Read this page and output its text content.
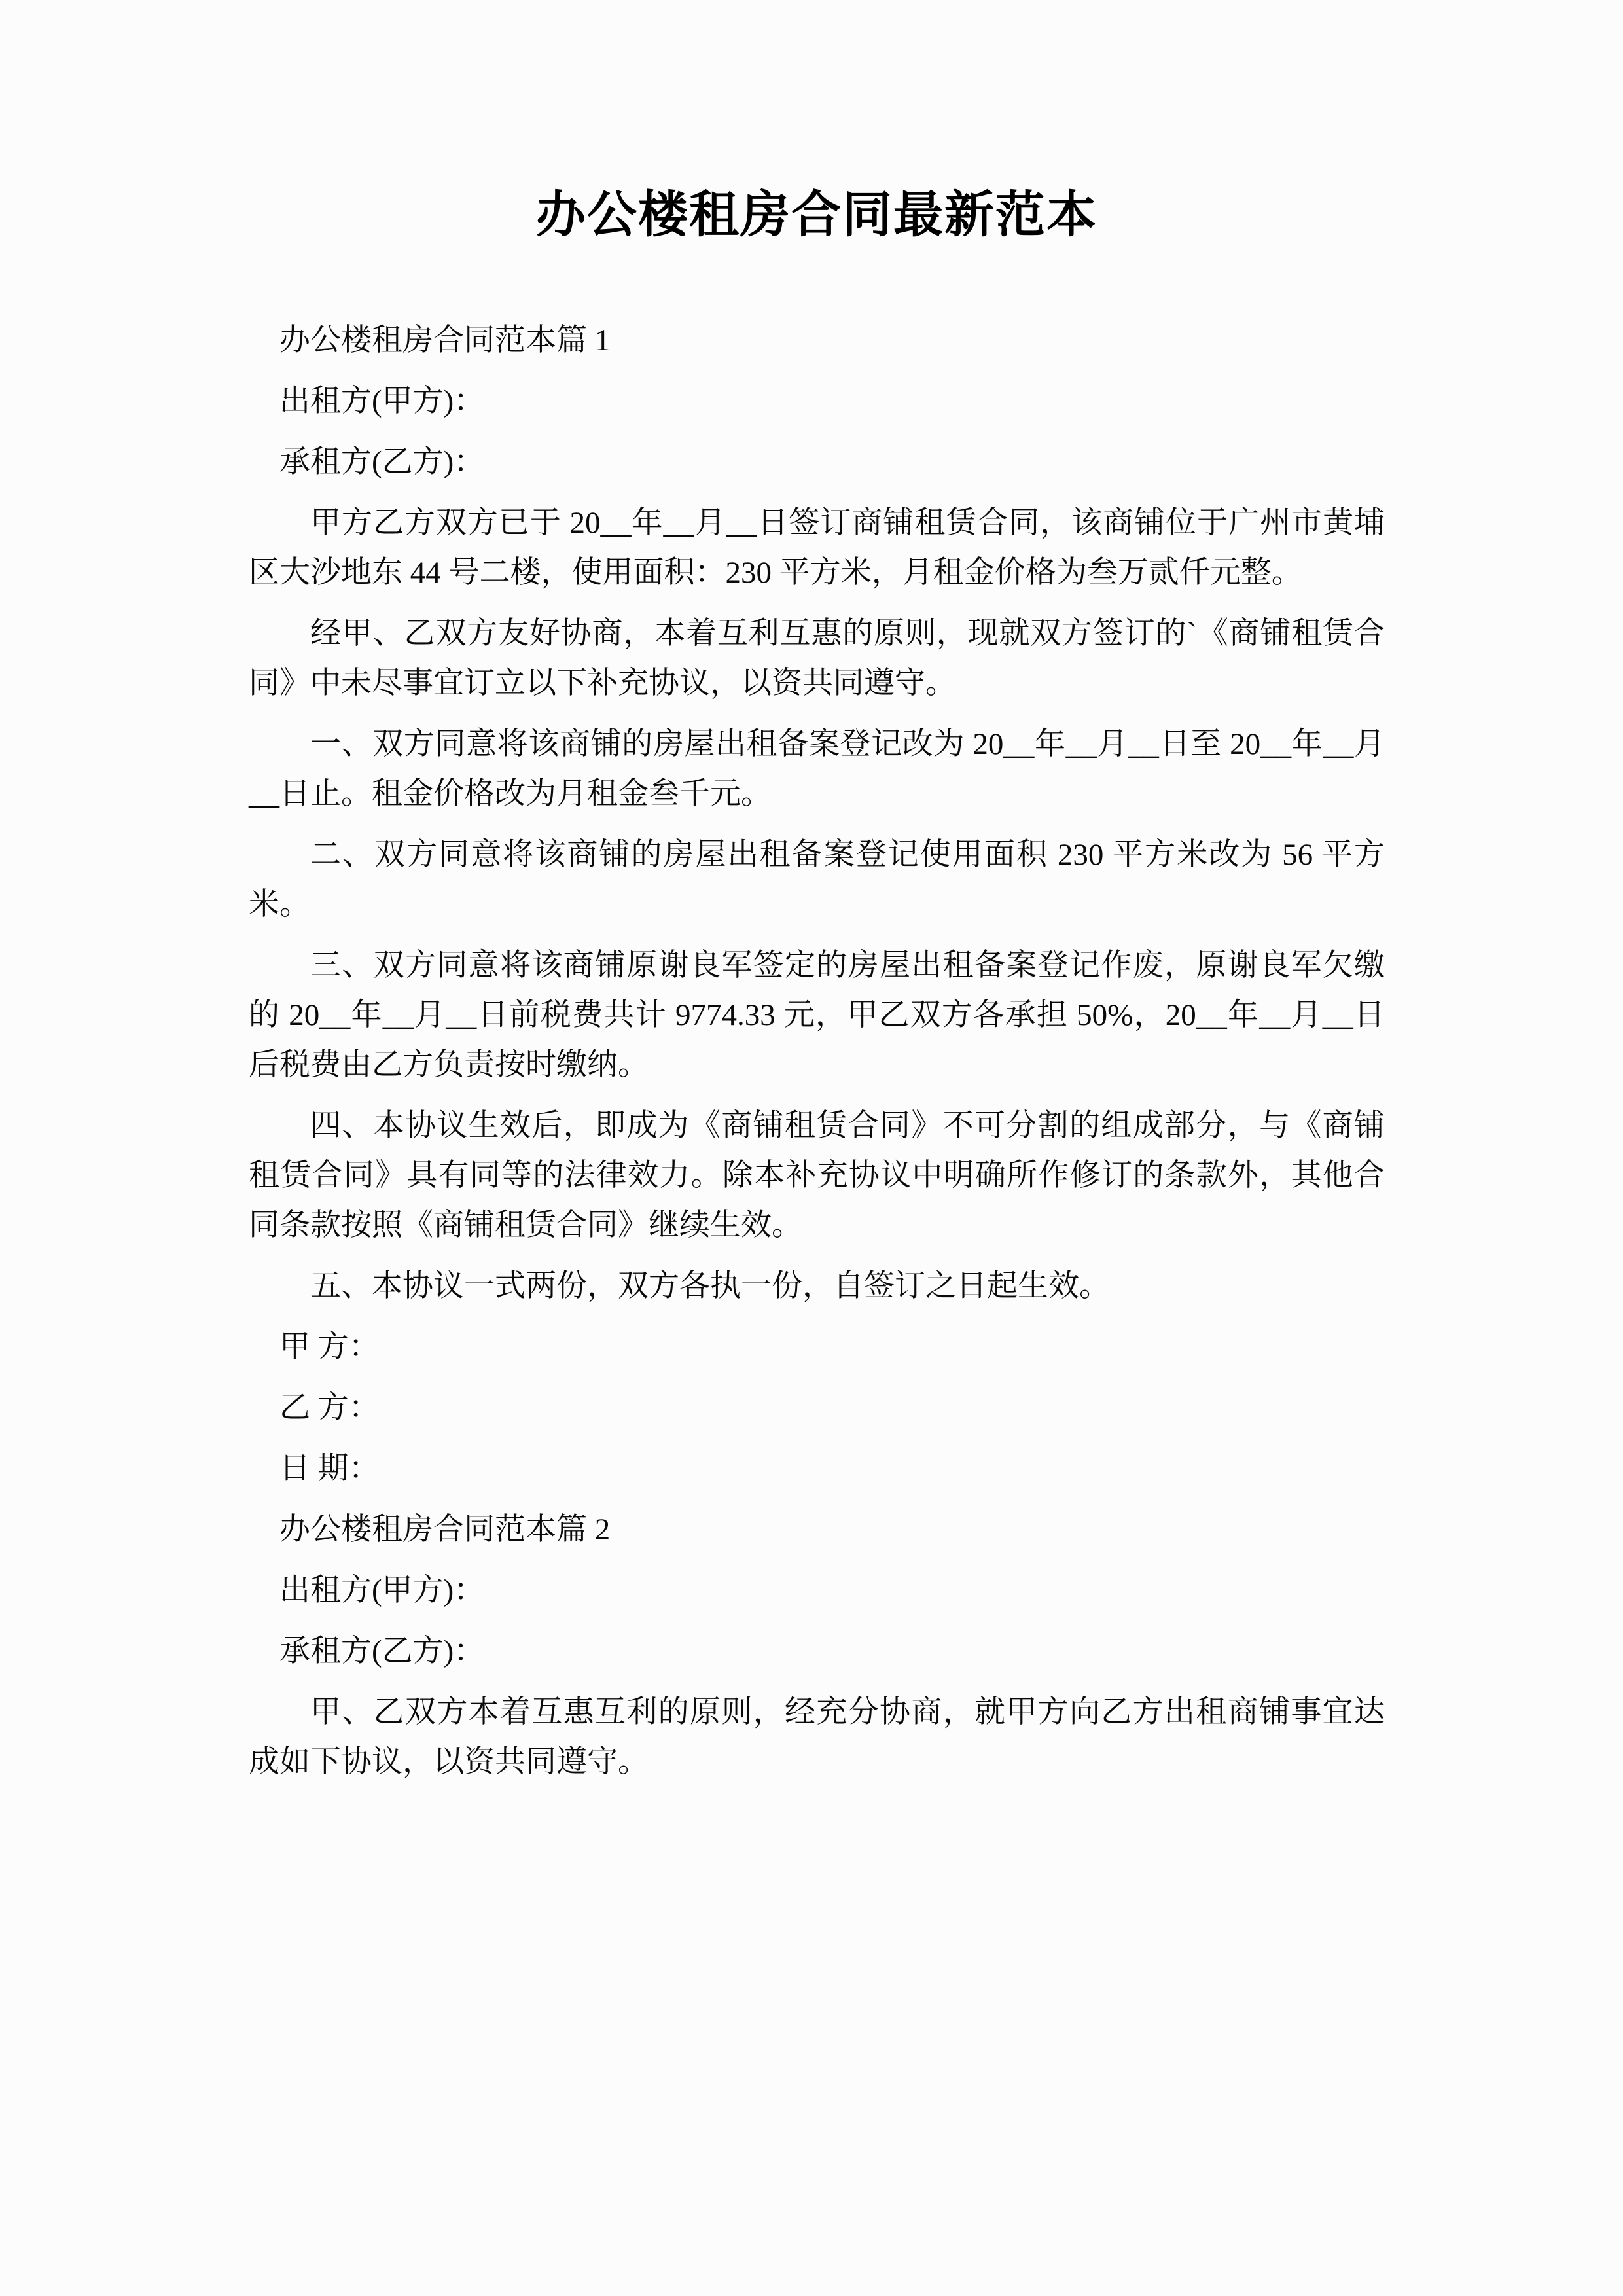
办公楼租房合同最新范本

办公楼租房合同范本篇 1

出租方(甲方)：

承租方(乙方)：

甲方乙方双方已于 20__年__月__日签订商铺租赁合同，该商铺位于广州市黄埔区大沙地东 44 号二楼，使用面积：230 平方米，月租金价格为叁万贰仟元整。

经甲、乙双方友好协商，本着互利互惠的原则，现就双方签订的`《商铺租赁合同》中未尽事宜订立以下补充协议，以资共同遵守。

一、双方同意将该商铺的房屋出租备案登记改为 20__年__月__日至 20__年__月__日止。租金价格改为月租金叁千元。

二、双方同意将该商铺的房屋出租备案登记使用面积 230 平方米改为 56 平方米。

三、双方同意将该商铺原谢良军签定的房屋出租备案登记作废，原谢良军欠缴的 20__年__月__日前税费共计 9774.33 元，甲乙双方各承担 50%，20__年__月__日后税费由乙方负责按时缴纳。

四、本协议生效后，即成为《商铺租赁合同》不可分割的组成部分，与《商铺租赁合同》具有同等的法律效力。除本补充协议中明确所作修订的条款外，其他合同条款按照《商铺租赁合同》继续生效。

五、本协议一式两份，双方各执一份，自签订之日起生效。

甲 方：

乙 方：

日 期：

办公楼租房合同范本篇 2

出租方(甲方)：

承租方(乙方)：

甲、乙双方本着互惠互利的原则，经充分协商，就甲方向乙方出租商铺事宜达成如下协议，以资共同遵守。
